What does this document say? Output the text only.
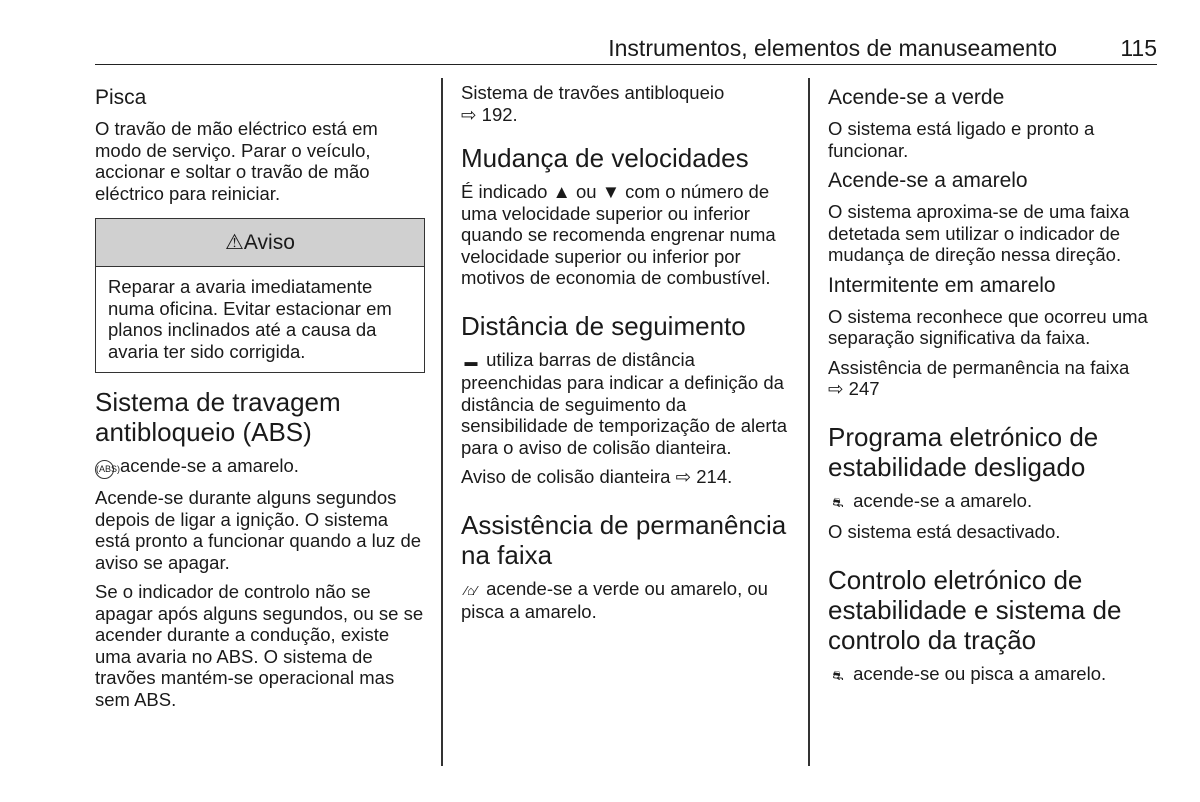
Instrumentos, elementos de manuseamento	115
Pisca

O travão de mão eléctrico está em modo de serviço. Parar o veículo, accionar e soltar o travão de mão eléctrico para reiniciar.

⚠Aviso

Reparar a avaria imediatamente numa oficina. Evitar estacionar em planos inclinados até a causa da avaria ter sido corrigida.

Sistema de travagem antibloqueio (ABS)

(ABS)acende-se a amarelo.

Acende-se durante alguns segundos depois de ligar a ignição. O sistema está pronto a funcionar quando a luz de aviso se apagar.

Se o indicador de controlo não se apagar após alguns segundos, ou se se acender durante a condução, existe uma avaria no ABS. O sistema de travões mantém-se operacional mas sem ABS.

Sistema de travões antibloqueio
⇨ 192.

Mudança de velocidades

É indicado ▲ ou ▼ com o número de uma velocidade superior ou inferior quando se recomenda engrenar numa velocidade superior ou inferior por motivos de economia de combustível.

Distância de seguimento

▬ utiliza barras de distância preenchidas para indicar a definição da distância de seguimento da sensibilidade de temporização de alerta para o aviso de colisão dianteira.

Aviso de colisão dianteira ⇨ 214.

Assistência de permanência na faixa

⁄⌂⁄ acende-se a verde ou amarelo, ou pisca a amarelo.

Acende-se a verde

O sistema está ligado e pronto a funcionar.

Acende-se a amarelo

O sistema aproxima-se de uma faixa detetada sem utilizar o indicador de mudança de direção nessa direção.

Intermitente em amarelo

O sistema reconhece que ocorreu uma separação significativa da faixa.

Assistência de permanência na faixa
⇨ 247

Programa eletrónico de estabilidade desligado

⛐ acende-se a amarelo.

O sistema está desactivado.

Controlo eletrónico de estabilidade e sistema de controlo da tração

⛐ acende-se ou pisca a amarelo.
